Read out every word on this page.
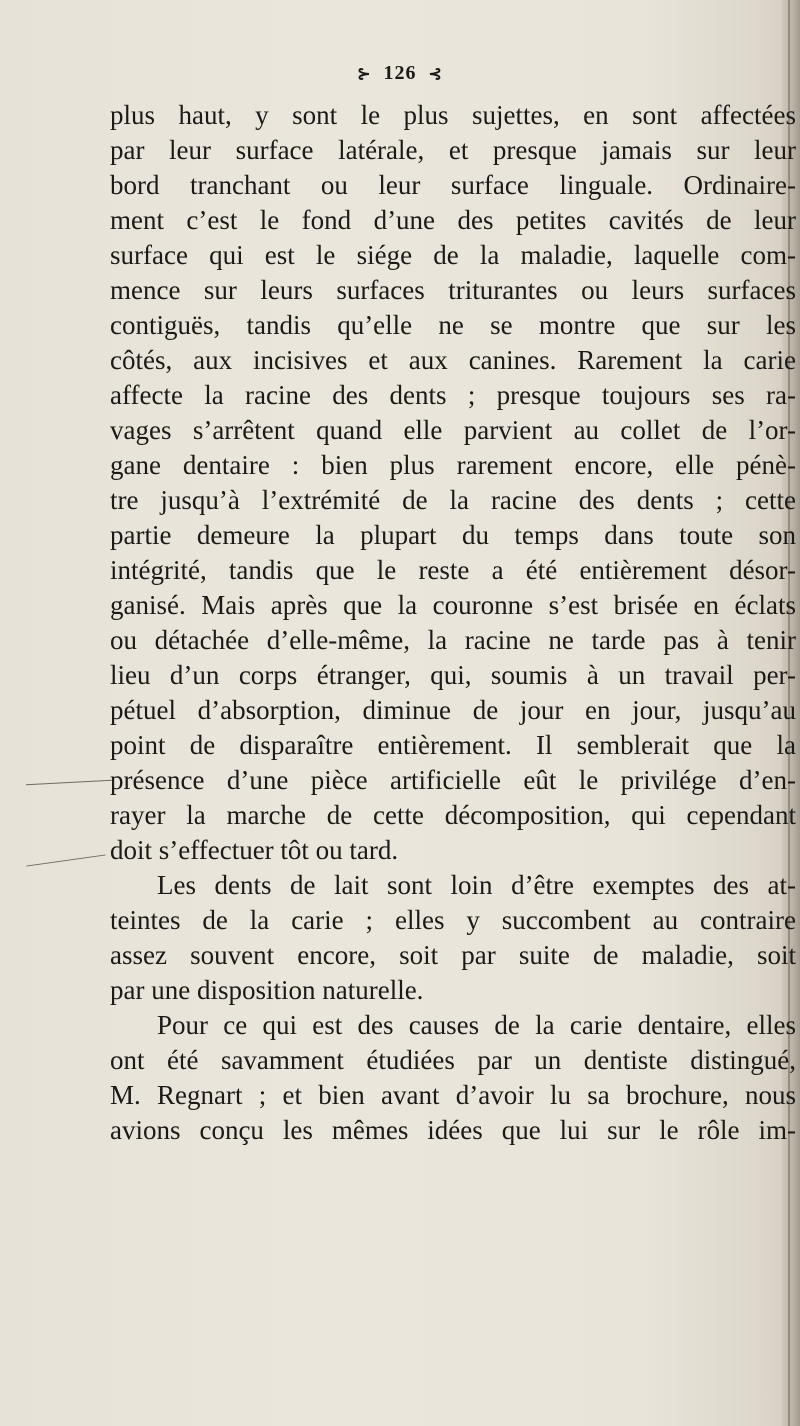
⊱ 126 ⊰
plus haut, y sont le plus sujettes, en sont affectées
par leur surface latérale, et presque jamais sur leur
bord tranchant ou leur surface linguale. Ordinaire-
ment c’est le fond d’une des petites cavités de leur
surface qui est le siége de la maladie, laquelle com-
mence sur leurs surfaces triturantes ou leurs surfaces
contiguës, tandis qu’elle ne se montre que sur les
côtés, aux incisives et aux canines. Rarement la carie
affecte la racine des dents ; presque toujours ses ra-
vages s’arrêtent quand elle parvient au collet de l’or-
gane dentaire : bien plus rarement encore, elle pénè-
tre jusqu’à l’extrémité de la racine des dents ; cette
partie demeure la plupart du temps dans toute son
intégrité, tandis que le reste a été entièrement désor-
ganisé. Mais après que la couronne s’est brisée en éclats
ou détachée d’elle-même, la racine ne tarde pas à tenir
lieu d’un corps étranger, qui, soumis à un travail per-
pétuel d’absorption, diminue de jour en jour, jusqu’au
point de disparaître entièrement. Il semblerait que la
présence d’une pièce artificielle eût le privilége d’en-
rayer la marche de cette décomposition, qui cependant
doit s’effectuer tôt ou tard.
Les dents de lait sont loin d’être exemptes des at-
teintes de la carie ; elles y succombent au contraire
assez souvent encore, soit par suite de maladie, soit
par une disposition naturelle.
Pour ce qui est des causes de la carie dentaire, elles
ont été savamment étudiées par un dentiste distingué,
M. Regnart ; et bien avant d’avoir lu sa brochure, nous
avions conçu les mêmes idées que lui sur le rôle im-
